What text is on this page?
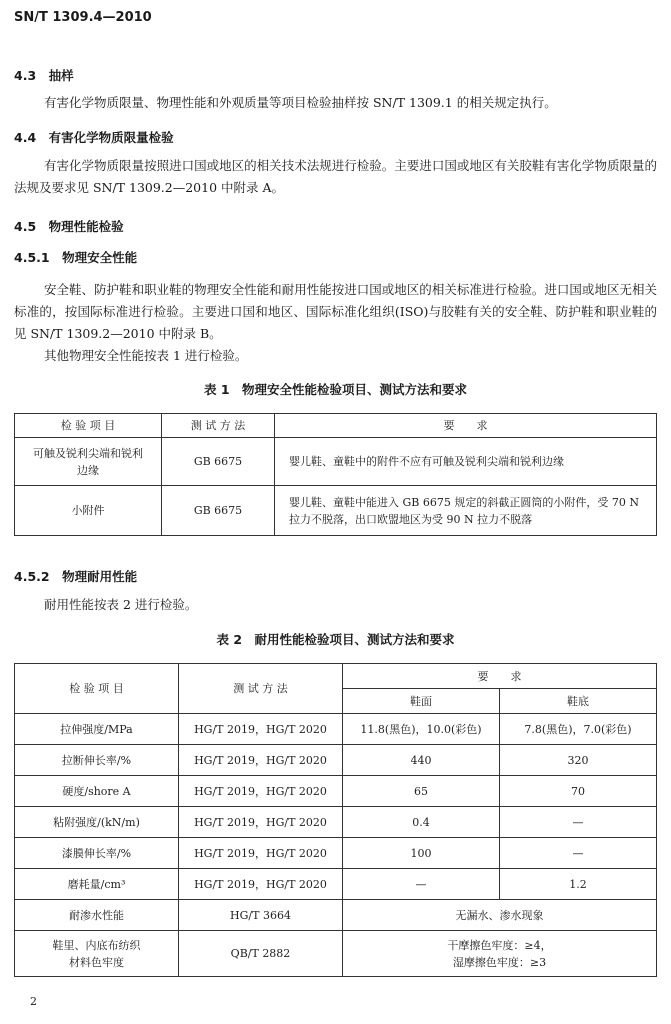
SN/T 1309.4—2010
4.3　抽样
有害化学物质限量、物理性能和外观质量等项目检验抽样按 SN/T 1309.1 的相关规定执行。
4.4　有害化学物质限量检验
有害化学物质限量按照进口国或地区的相关技术法规进行检验。主要进口国或地区有关胶鞋有害化学物质限量的法规及要求见 SN/T 1309.2—2010 中附录 A。
4.5　物理性能检验
4.5.1　物理安全性能
安全鞋、防护鞋和职业鞋的物理安全性能和耐用性能按进口国或地区的相关标准进行检验。进口国或地区无相关标准的，按国际标准进行检验。主要进口国和地区、国际标准化组织(ISO)与胶鞋有关的安全鞋、防护鞋和职业鞋的见 SN/T 1309.2—2010 中附录 B。
其他物理安全性能按表 1 进行检验。
表 1　物理安全性能检验项目、测试方法和要求
检 验 项 目	测 试 方 法	要　　求
可触及锐利尖端和锐利边缘	GB 6675	婴儿鞋、童鞋中的附件不应有可触及锐利尖端和锐利边缘
小附件	GB 6675	婴儿鞋、童鞋中能进入 GB 6675 规定的斜截正圆筒的小附件，受 70 N 拉力不脱落，出口欧盟地区为受 90 N 拉力不脱落
4.5.2　物理耐用性能
耐用性能按表 2 进行检验。
表 2　耐用性能检验项目、测试方法和要求
检 验 项 目	测 试 方 法	要　　求	
		鞋面	鞋底
拉伸强度/MPa	HG/T 2019，HG/T 2020	11.8(黑色)，10.0(彩色)	7.8(黑色)，7.0(彩色)
拉断伸长率/%	HG/T 2019，HG/T 2020	440	320
硬度/shore A	HG/T 2019，HG/T 2020	65	70
粘附强度/(kN/m)	HG/T 2019，HG/T 2020	0.4	—
漆膜伸长率/%	HG/T 2019，HG/T 2020	100	—
磨耗量/cm³	HG/T 2019，HG/T 2020	—	1.2
耐渗水性能	HG/T 3664	无漏水、渗水现象	
鞋里、内底布纺织材料色牢度	QB/T 2882	干摩擦色牢度：≥4，
湿摩擦色牢度：≥3	
2
